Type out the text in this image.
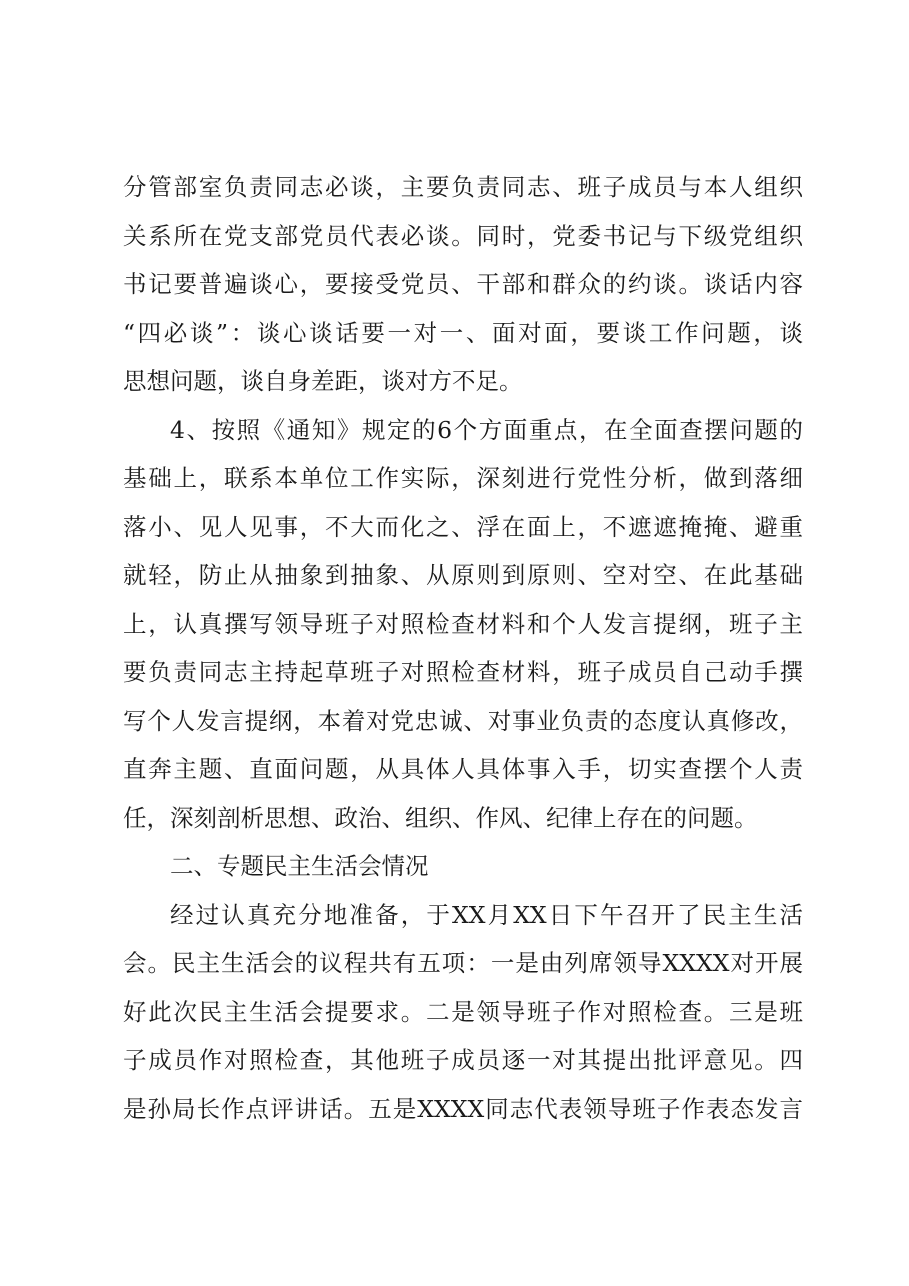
分管部室负责同志必谈，主要负责同志、班子成员与本人组织
关系所在党支部党员代表必谈。同时，党委书记与下级党组织
书记要普遍谈心，要接受党员、干部和群众的约谈。谈话内容
“四必谈”：谈心谈话要一对一、面对面，要谈工作问题，谈
思想问题，谈自身差距，谈对方不足。
4、按照《通知》规定的6个方面重点，在全面查摆问题的
基础上，联系本单位工作实际，深刻进行党性分析，做到落细
落小、见人见事，不大而化之、浮在面上，不遮遮掩掩、避重
就轻，防止从抽象到抽象、从原则到原则、空对空、在此基础
上，认真撰写领导班子对照检查材料和个人发言提纲，班子主
要负责同志主持起草班子对照检查材料，班子成员自己动手撰
写个人发言提纲，本着对党忠诚、对事业负责的态度认真修改，
直奔主题、直面问题，从具体人具体事入手，切实查摆个人责
任，深刻剖析思想、政治、组织、作风、纪律上存在的问题。
二、专题民主生活会情况
经过认真充分地准备，于XX月XX日下午召开了民主生活
会。民主生活会的议程共有五项：一是由列席领导XXXX对开展
好此次民主生活会提要求。二是领导班子作对照检查。三是班
子成员作对照检查，其他班子成员逐一对其提出批评意见。四
是孙局长作点评讲话。五是XXXX同志代表领导班子作表态发言
